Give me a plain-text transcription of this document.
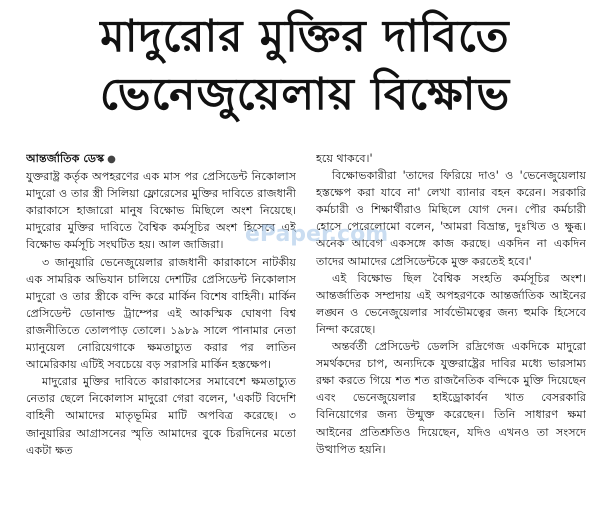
মাদুরোর মুক্তির দাবিতে
ভেনেজুয়েলায় বিক্ষোভ

আন্তর্জাতিক ডেস্ক ●

যুক্তরাষ্ট্র কর্তৃক অপহরণের এক মাস পর প্রেসিডেন্ট নিকোলাস মাদুরো ও তার স্ত্রী সিলিয়া ফ্লোরেসের মুক্তির দাবিতে রাজধানী কারাকাসে হাজারো মানুষ বিক্ষোভ মিছিলে অংশ নিয়েছে। মাদুরোর মুক্তির দাবিতে বৈশ্বিক কর্মসূচির অংশ হিসেবে এই বিক্ষোভ কর্মসূচি সংঘটিত হয়। আল জাজিরা।

৩ জানুয়ারি ভেনেজুয়েলার রাজধানী কারাকাসে নাটকীয় এক সামরিক অভিযান চালিয়ে দেশটির প্রেসিডেন্ট নিকোলাস মাদুরো ও তার স্ত্রীকে বন্দি করে মার্কিন বিশেষ বাহিনী। মার্কিন প্রেসিডেন্ট ডোনাল্ড ট্রাম্পের এই আকস্মিক ঘোষণা বিশ্ব রাজনীতিতে তোলপাড় তোলে। ১৯৮৯ সালে পানামার নেতা ম্যানুয়েল নোরিয়েগাকে ক্ষমতাচ্যুত করার পর লাতিন আমেরিকায় এটিই সবচেয়ে বড় সরাসরি মার্কিন হস্তক্ষেপ।

মাদুরোর মুক্তির দাবিতে কারাকাসের সমাবেশে ক্ষমতাচ্যুত নেতার ছেলে নিকোলাস মাদুরো গেরা বলেন, 'একটি বিদেশি বাহিনী আমাদের মাতৃভূমির মাটি অপবিত্র করেছে। ৩ জানুয়ারির আগ্রাসনের স্মৃতি আমাদের বুকে চিরদিনের মতো একটা ক্ষত

হয়ে থাকবে।'

বিক্ষোভকারীরা 'তাদের ফিরিয়ে দাও' ও 'ভেনেজুয়েলায় হস্তক্ষেপ করা যাবে না' লেখা ব্যানার বহন করেন। সরকারি কর্মচারী ও শিক্ষার্থীরাও মিছিলে যোগ দেন। পৌর কর্মচারী হোসে পেরেলোমো বলেন, 'আমরা বিভ্রান্ত, দুঃখিত ও ক্ষুব্ধ। অনেক আবেগ একসঙ্গে কাজ করছে। একদিন না একদিন তাদের আমাদের প্রেসিডেন্টকে মুক্ত করতেই হবে।'

এই বিক্ষোভ ছিল বৈশ্বিক সংহতি কর্মসূচির অংশ। আন্তর্জাতিক সম্প্রদায় এই অপহরণকে আন্তর্জাতিক আইনের লঙ্ঘন ও ভেনেজুয়েলার সার্বভৌমত্বের জন্য হুমকি হিসেবে নিন্দা করেছে।

অন্তর্বর্তী প্রেসিডেন্ট ডেলসি রদ্রিগেজ একদিকে মাদুরো সমর্থকদের চাপ, অন্যদিকে যুক্তরাষ্ট্রের দাবির মধ্যে ভারসাম্য রক্ষা করতে গিয়ে শত শত রাজনৈতিক বন্দিকে মুক্তি দিয়েছেন এবং ভেনেজুয়েলার হাইড্রোকার্বন খাত বেসরকারি বিনিয়োগের জন্য উন্মুক্ত করেছেন। তিনি সাধারণ ক্ষমা আইনের প্রতিশ্রুতিও দিয়েছেন, যদিও এখনও তা সংসদে উত্থাপিত হয়নি।

ePaper.com
